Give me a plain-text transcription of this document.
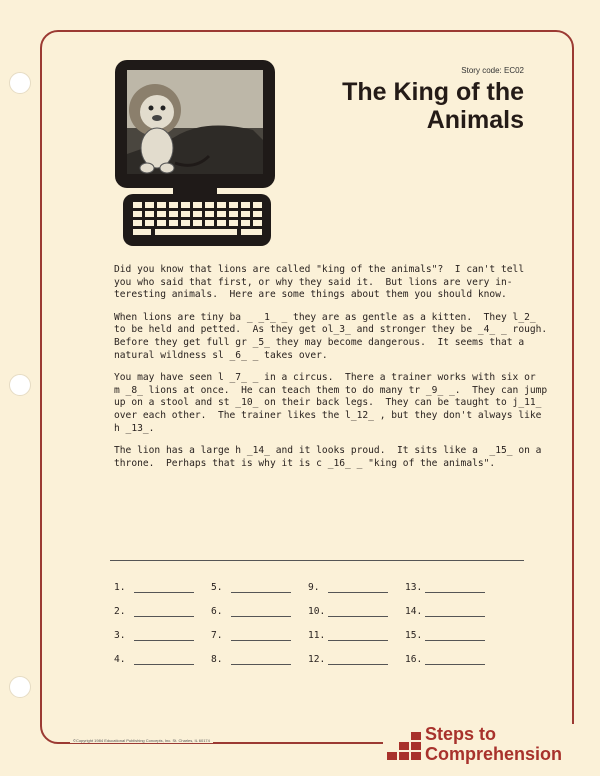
Story code: EC02
The King of the Animals

Did you know that lions are called "king of the animals"?  I can't tell
you who said that first, or why they said it.  But lions are very in-
teresting animals.  Here are some things about them you should know.

When lions are tiny ba _ _1_ _ they are as gentle as a kitten.  They l_2_
to be held and petted.  As they get ol_3_ and stronger they be _4_ _ rough.
Before they get full gr _5_ they may become dangerous.  It seems that a
natural wildness sl _6_ _ takes over.

You may have seen l _7_ _ in a circus.  There a trainer works with six or
m _8_ lions at once.  He can teach them to do many tr _9_ _.  They can jump
up on a stool and st _10_ on their back legs.  They can be taught to j_11_
over each other.  The trainer likes the l_12_ , but they don't always like
h _13_.

The lion has a large h _14_ and it looks proud.  It sits like a  _15_ on a
throne.  Perhaps that is why it is c _16_ _ "king of the animals".

1.
2.
3.
4.
5.
6.
7.
8.
9.
10.
11.
12.
13.
14.
15.
16.
©Copyright 1984 Educational Publishing Concepts, Inc. St. Charles, IL 60174	Steps to
Comprehension
